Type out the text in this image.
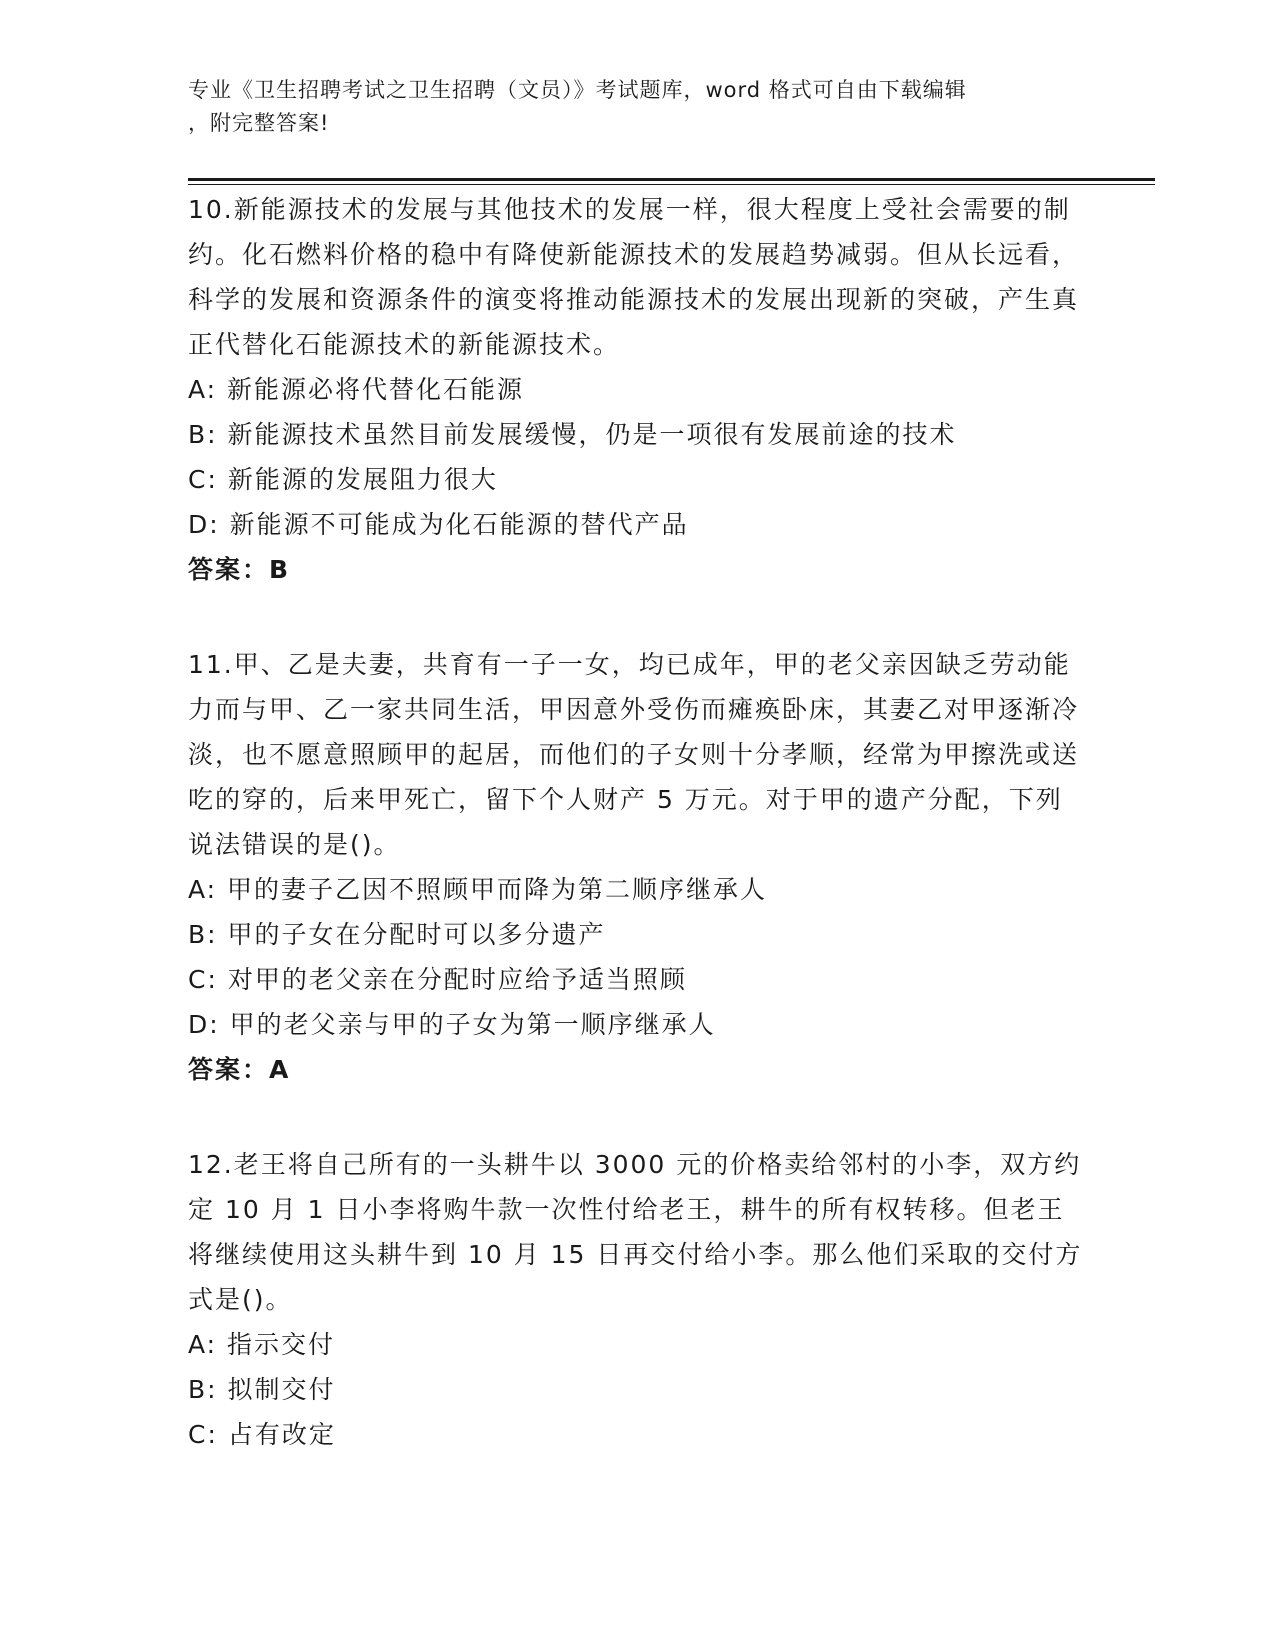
专业《卫生招聘考试之卫生招聘（文员）》考试题库，word 格式可自由下载编辑
，附完整答案!

10.新能源技术的发展与其他技术的发展一样，很大程度上受社会需要的制约。化石燃料价格的稳中有降使新能源技术的发展趋势减弱。但从长远看，科学的发展和资源条件的演变将推动能源技术的发展出现新的突破，产生真正代替化石能源技术的新能源技术。

A: 新能源必将代替化石能源

B: 新能源技术虽然目前发展缓慢，仍是一项很有发展前途的技术

C: 新能源的发展阻力很大

D: 新能源不可能成为化石能源的替代产品

答案：B

11.甲、乙是夫妻，共育有一子一女，均已成年，甲的老父亲因缺乏劳动能力而与甲、乙一家共同生活，甲因意外受伤而瘫痪卧床，其妻乙对甲逐渐冷淡，也不愿意照顾甲的起居，而他们的子女则十分孝顺，经常为甲擦洗或送吃的穿的，后来甲死亡，留下个人财产 5 万元。对于甲的遗产分配，下列说法错误的是()。

A: 甲的妻子乙因不照顾甲而降为第二顺序继承人

B: 甲的子女在分配时可以多分遗产

C: 对甲的老父亲在分配时应给予适当照顾

D: 甲的老父亲与甲的子女为第一顺序继承人

答案：A

12.老王将自己所有的一头耕牛以 3000 元的价格卖给邻村的小李，双方约定 10 月 1 日小李将购牛款一次性付给老王，耕牛的所有权转移。但老王将继续使用这头耕牛到 10 月 15 日再交付给小李。那么他们采取的交付方式是()。

A: 指示交付

B: 拟制交付

C: 占有改定
